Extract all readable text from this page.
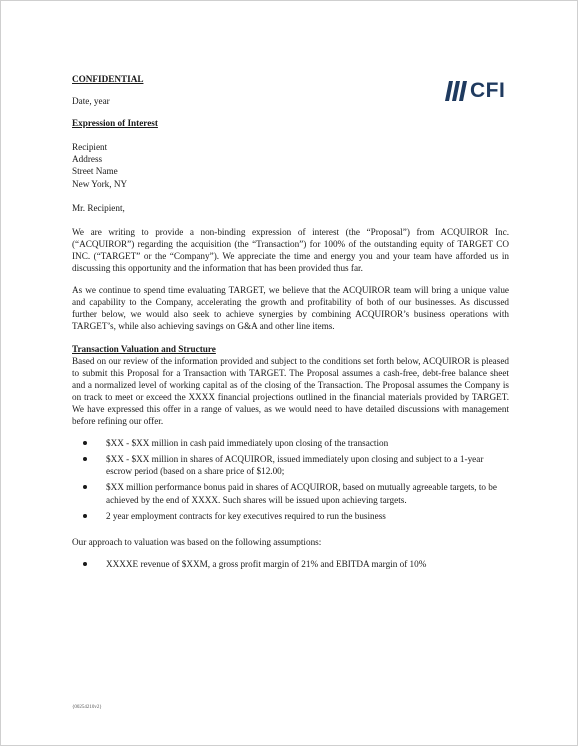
CFI
CONFIDENTIAL
Date, year
Expression of Interest
Recipient
Address
Street Name
New York, NY
Mr. Recipient,

We are writing to provide a non-binding expression of interest (the “Proposal”) from ACQUIROR Inc. (“ACQUIROR”) regarding the acquisition (the “Transaction”) for 100% of the outstanding equity of TARGET CO INC. (“TARGET” or the “Company”). We appreciate the time and energy you and your team have afforded us in discussing this opportunity and the information that has been provided thus far.

As we continue to spend time evaluating TARGET, we believe that the ACQUIROR team will bring a unique value and capability to the Company, accelerating the growth and profitability of both of our businesses. As discussed further below, we would also seek to achieve synergies by combining ACQUIROR’s business operations with TARGET’s, while also achieving savings on G&A and other line items.

Transaction Valuation and Structure

Based on our review of the information provided and subject to the conditions set forth below, ACQUIROR is pleased to submit this Proposal for a Transaction with TARGET. The Proposal assumes a cash-free, debt-free balance sheet and a normalized level of working capital as of the closing of the Transaction. The Proposal assumes the Company is on track to meet or exceed the XXXX financial projections outlined in the financial materials provided by TARGET. We have expressed this offer in a range of values, as we would need to have detailed discussions with management before refining our offer.

$XX - $XX million in cash paid immediately upon closing of the transaction
$XX - $XX million in shares of ACQUIROR, issued immediately upon closing and subject to a 1-year escrow period (based on a share price of $12.00;
$XX million performance bonus paid in shares of ACQUIROR, based on mutually agreeable targets, to be achieved by the end of XXXX. Such shares will be issued upon achieving targets.
2 year employment contracts for key executives required to run the business

Our approach to valuation was based on the following assumptions:

XXXXE revenue of $XXM, a gross profit margin of 21% and EBITDA margin of 10%
{00254210v2}
